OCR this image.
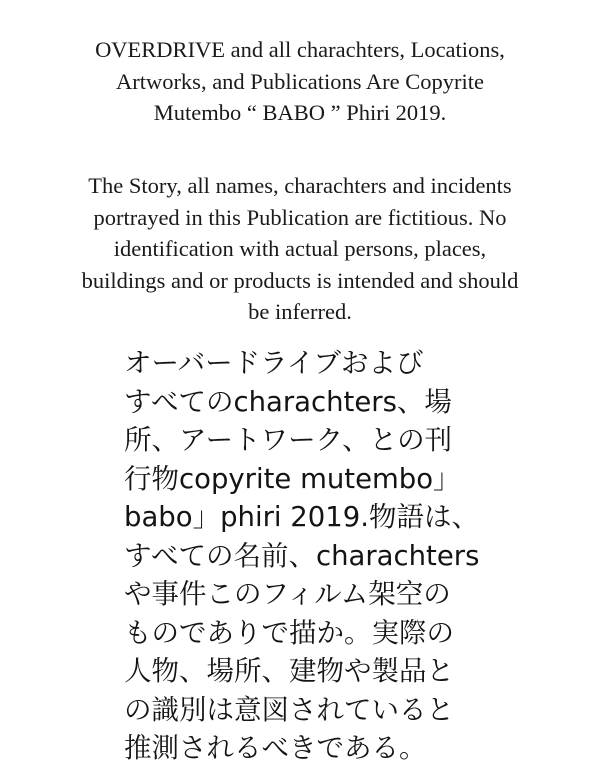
OVERDRIVE and all charachters, Locations,
Artworks, and Publications Are Copyrite
Mutembo “ BABO ” Phiri 2019.
The Story, all names, charachters and incidents
portrayed in this Publication are fictitious. No
identification with actual persons, places,
buildings and or products is intended and should
be inferred.
オーバードライブおよび
すべてのcharachters、場
所、アートワーク、との刊
行物copyrite mutembo」
babo」phiri 2019.物語は、
すべての名前、charachters
や事件このフィルム架空の
ものでありで描か。実際の
人物、場所、建物や製品と
の識別は意図されていると
推測されるべきである。
